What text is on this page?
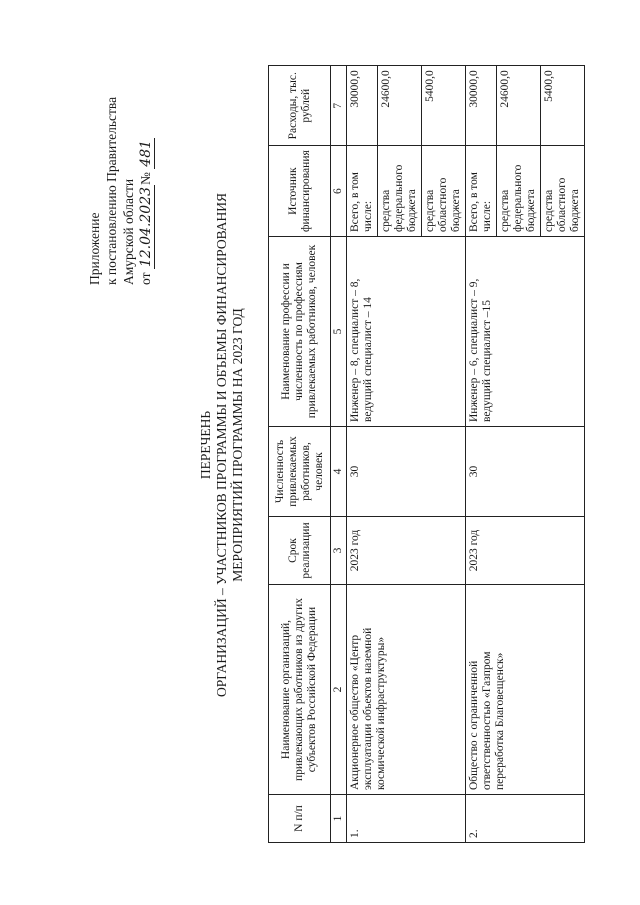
Приложение к постановлению Правительства Амурской области от 12.04.2023№ 481
ПЕРЕЧЕНЬ ОРГАНИЗАЦИЙ – УЧАСТНИКОВ ПРОГРАММЫ И ОБЪЕМЫ ФИНАНСИРОВАНИЯ МЕРОПРИЯТИЙ ПРОГРАММЫ НА 2023 ГОД
N п/п	Наименование организаций, привлекающих работников из других субъектов Российской Федерации	Срок реализации	Численность привлекаемых работников, человек	Наименование профессии и численность по профессиям привлекаемых работников, человек	Источник финансирования	Расходы, тыс. рублей
1	2	3	4	5	6	7
1.	Акционерное общество «Центр эксплуатации объектов наземной космической инфраструктуры»	2023 год	30	Инженер – 8, специалист – 8, ведущий специалист – 14	Всего, в том числе:	30000,0
					средства федерального бюджета	24600,0
					средства областного бюджета	5400,0
2.	Общество с ограниченной ответственностью «Газпром переработка Благовещенск»	2023 год	30	Инженер – 6, специалист – 9, ведущий специалист –15	Всего, в том числе:	30000,0
					средства федерального бюджета	24600,0
					средства областного бюджета	5400,0
